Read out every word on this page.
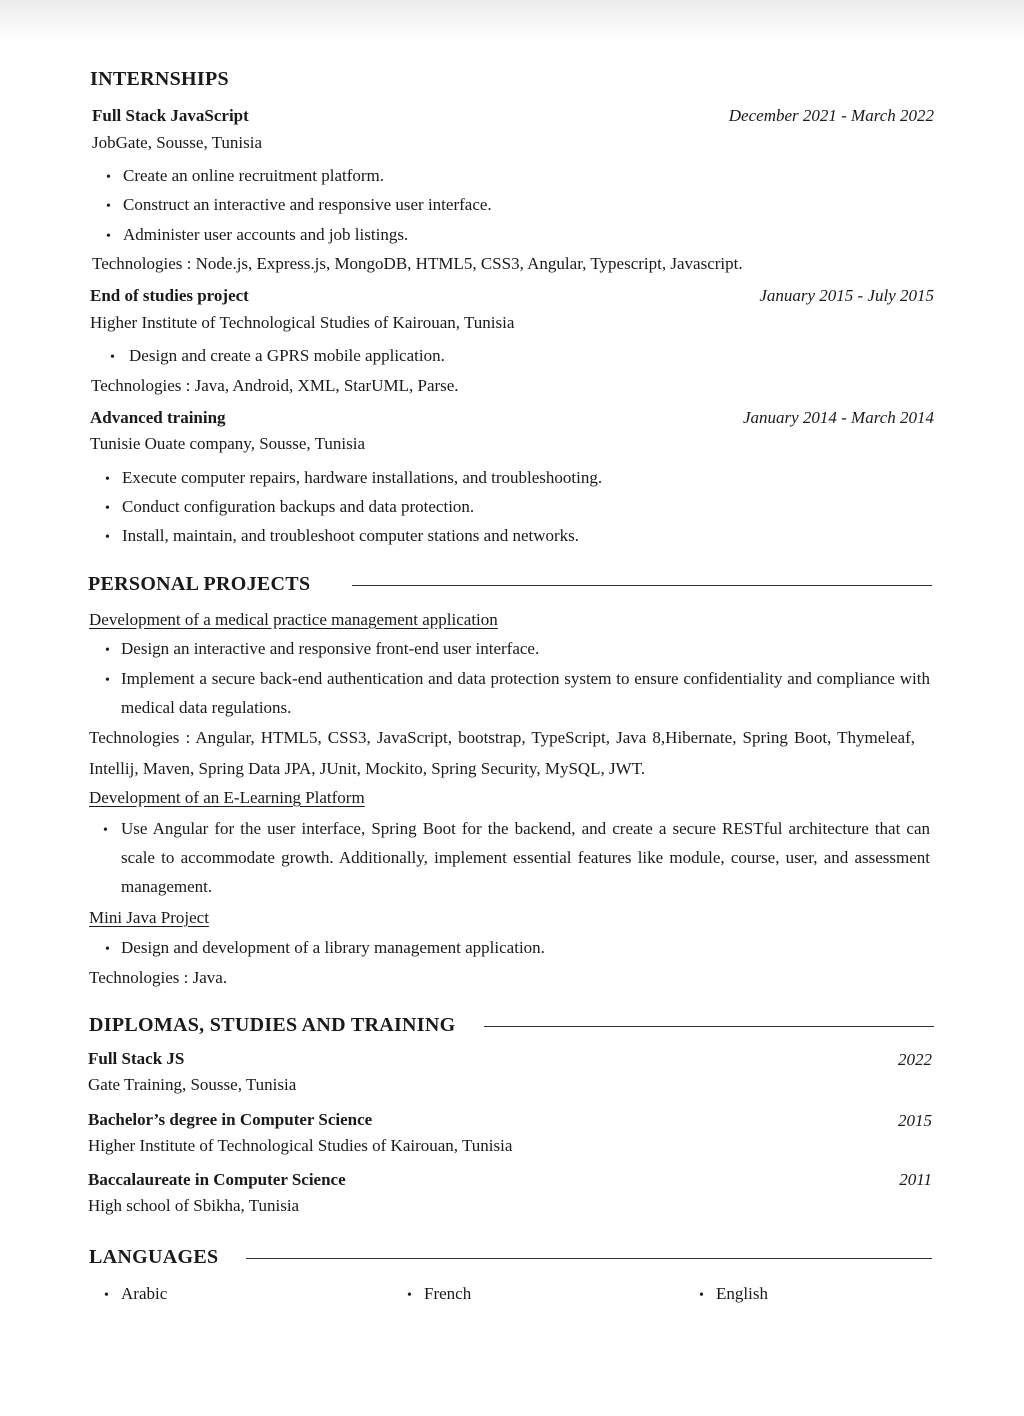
INTERNSHIPS
Full Stack JavaScript	December 2021 - March 2022
JobGate, Sousse, Tunisia
• Create an online recruitment platform.
• Construct an interactive and responsive user interface.
• Administer user accounts and job listings.
Technologies : Node.js, Express.js, MongoDB, HTML5, CSS3, Angular, Typescript, Javascript.
End of studies project	January 2015 - July 2015
Higher Institute of Technological Studies of Kairouan, Tunisia
• Design and create a GPRS mobile application.
Technologies : Java, Android, XML, StarUML, Parse.
Advanced training	January 2014 - March 2014
Tunisie Ouate company, Sousse, Tunisia
• Execute computer repairs, hardware installations, and troubleshooting.
• Conduct configuration backups and data protection.
• Install, maintain, and troubleshoot computer stations and networks.
PERSONAL PROJECTS
Development of a medical practice management application
• Design an interactive and responsive front-end user interface.
• Implement a secure back-end authentication and data protection system to ensure confidentiality and compliance with medical data regulations.
Technologies : Angular, HTML5, CSS3, JavaScript, bootstrap, TypeScript, Java 8,Hibernate, Spring Boot, Thymeleaf, Intellij, Maven, Spring Data JPA, JUnit, Mockito, Spring Security, MySQL, JWT.
Development of an E-Learning Platform
• Use Angular for the user interface, Spring Boot for the backend, and create a secure RESTful architecture that can scale to accommodate growth. Additionally, implement essential features like module, course, user, and assessment management.
Mini Java Project
• Design and development of a library management application.
Technologies : Java.
DIPLOMAS, STUDIES AND TRAINING
Full Stack JS	2022
Gate Training, Sousse, Tunisia
Bachelor’s degree in Computer Science	2015
Higher Institute of Technological Studies of Kairouan, Tunisia
Baccalaureate in Computer Science	2011
High school of Sbikha, Tunisia
LANGUAGES
• Arabic	• French	• English
